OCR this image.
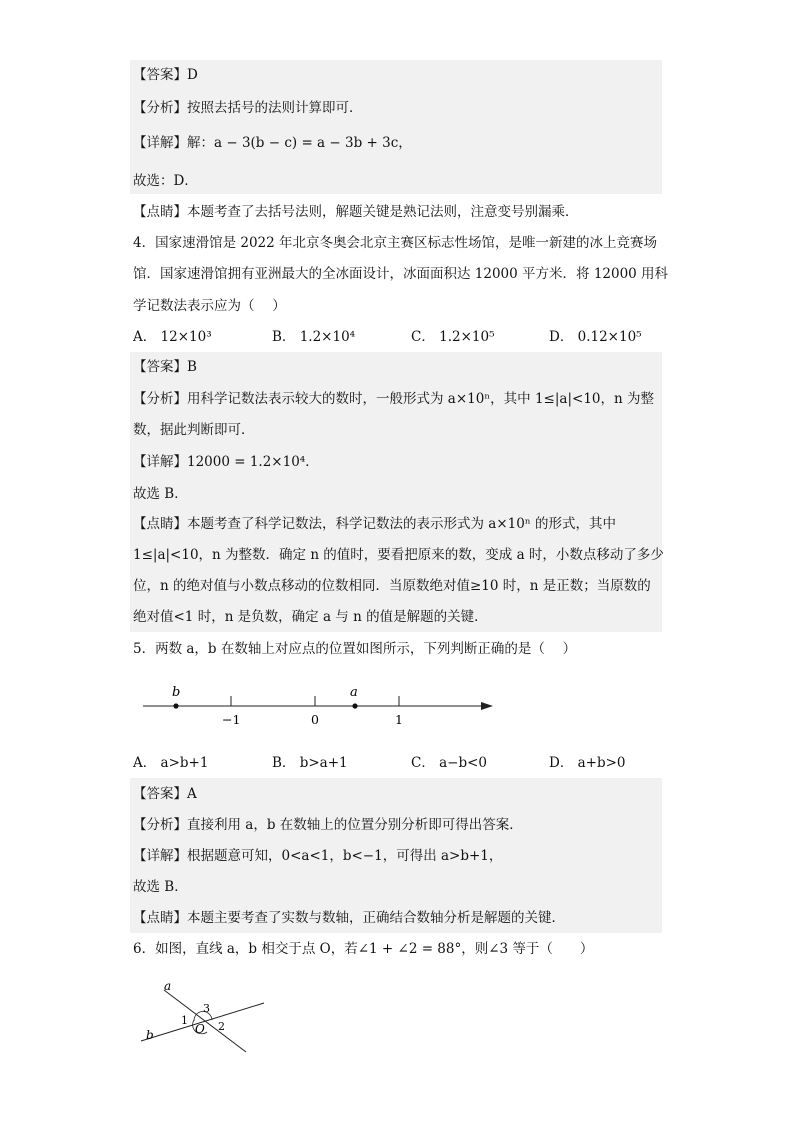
【答案】D
【分析】按照去括号的法则计算即可．
【详解】解：a − 3(b − c) = a − 3b + 3c，
故选：D．
【点睛】本题考查了去括号法则，解题关键是熟记法则，注意变号别漏乘．
4．国家速滑馆是 2022 年北京冬奥会北京主赛区标志性场馆，是唯一新建的冰上竞赛场
馆．国家速滑馆拥有亚洲最大的全冰面设计，冰面面积达 12000 平方米．将 12000 用科
学记数法表示应为（　 ）
A． 12×10³	B． 1.2×10⁴	C． 1.2×10⁵	D． 0.12×10⁵
【答案】B
【分析】用科学记数法表示较大的数时，一般形式为 a×10ⁿ，其中 1≤|a|<10，n 为整
数，据此判断即可．
【详解】12000 = 1.2×10⁴．
故选 B．
【点睛】本题考查了科学记数法，科学记数法的表示形式为 a×10ⁿ 的形式，其中
1≤|a|<10，n 为整数．确定 n 的值时，要看把原来的数，变成 a 时，小数点移动了多少
位，n 的绝对值与小数点移动的位数相同．当原数绝对值≥10 时，n 是正数；当原数的
绝对值<1 时，n 是负数，确定 a 与 n 的值是解题的关键．
5．两数 a，b 在数轴上对应点的位置如图所示，下列判断正确的是（　 ）
b	a
−1	0	1
A． a>b+1	B． b>a+1	C． a−b<0	D． a+b>0
【答案】A
【分析】直接利用 a，b 在数轴上的位置分别分析即可得出答案．
【详解】根据题意可知，0<a<1，b<−1，可得出 a>b+1，
故选 B．
【点睛】本题主要考查了实数与数轴，正确结合数轴分析是解题的关键．
6．如图，直线 a，b 相交于点 O，若∠1 + ∠2 = 88°，则∠3 等于（　　）
a
b	O
1	2
3
